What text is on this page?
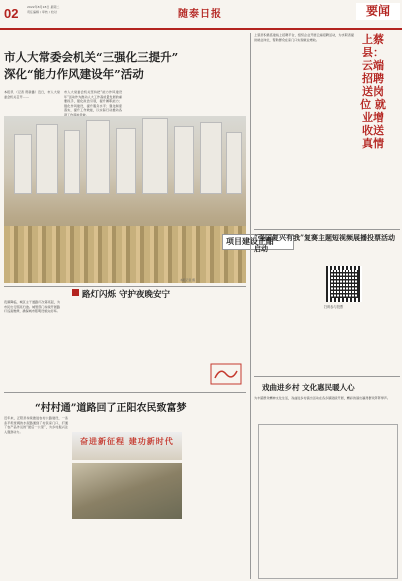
02	2022年8月18日 星期二
责任编辑 / 审核 / 校对	随泰日报	要闻
市人大常委会机关“三强化三提升”
深化“能力作风建设年”活动
本报讯 （记者 贾新鑫）近日，市人大常委会机关召开……
市人大常委会机关坚持把“能力作风建设年”活动作为推动人大工作高质量发展的重要抓手，强化政治引领，提升履职能力；强化作风建设，提升服务水平；强化制度落实，提升工作效能，以实际行动推动各项工作落地见效。
项目建设正酣
本报记者 摄
路灯闪烁 守护夜晚安宁
夜幕降临，城区主干道路灯次第亮起，为市民出行照亮归途。城管部门持续开展路灯巡查维修，确保城市照明设施完好率。
“村村通”道路回了正阳农民致富梦
近年来，正阳县持续推进农村公路建设，一条条平坦宽阔的水泥路通到了村民家门口，打通了农产品外运的“最后一公里”，为乡村振兴注入强劲动力。
奋进新征程 建功新时代
上蔡县积极搭建线上招聘平台，组织企业开展云端招聘活动，为求职者提供就业岗位，帮助群众在家门口实现就业增收。	上蔡县：云端招聘送岗位 就业增收送真情
“强国复兴有我”复赛主题短视频展播投票活动启动
扫码参与投票
戏曲进乡村 文化惠民暖人心
为丰富群众精神文化生活，戏曲进乡村演出活动在各乡镇陆续开展，精彩的演出赢得群众阵阵掌声。
